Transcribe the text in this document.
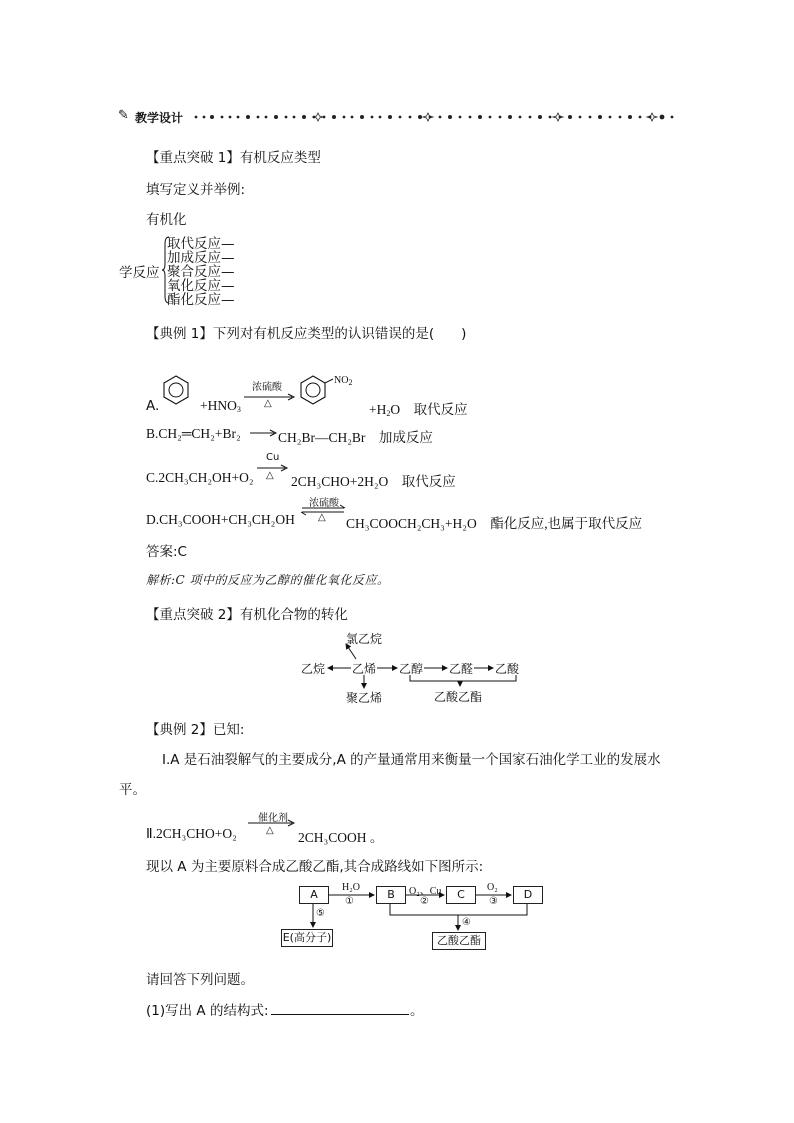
✎ 教学设计
【重点突破 1】有机反应类型
填写定义并举例:
有机化
学反应
取代反应—
加成反应—
聚合反应—
氧化反应—
酯化反应—
【典例 1】下列对有机反应类型的认识错误的是(　　)
A.	$+HNO_3$
浓硫酸
△
$NO_2$
$+H_2O$　取代反应
B.CH₂═CH₂+Br₂	CH₂Br—CH₂Br　加成反应
Cu
△
C.2CH₃CH₂OH+O₂	2CH₃CHO+2H₂O　取代反应
浓硫酸
△
D.CH₃COOH+CH₃CH₂OH	CH₃COOCH₂CH₃+H₂O　酯化反应,也属于取代反应
答案:C
解析:C 项中的反应为乙醇的催化氧化反应。
【重点突破 2】有机化合物的转化
氯乙烷
乙烷 乙烯 乙醇 乙醛 乙酸
聚乙烯	乙酸乙酯
【典例 2】已知:
Ⅰ.A 是石油裂解气的主要成分,A 的产量通常用来衡量一个国家石油化学工业的发展水
平。
催化剂
△
Ⅱ.2CH₃CHO+O₂	2CH₃COOH 。
现以 A 为主要原料合成乙酸乙酯,其合成路线如下图所示:
A	B	C	D
E(高分子)	乙酸乙酯
H₂O
①
O₂、Cu
②
O₂
③
④
⑤
请回答下列问题。
(1)写出 A 的结构式:	。
